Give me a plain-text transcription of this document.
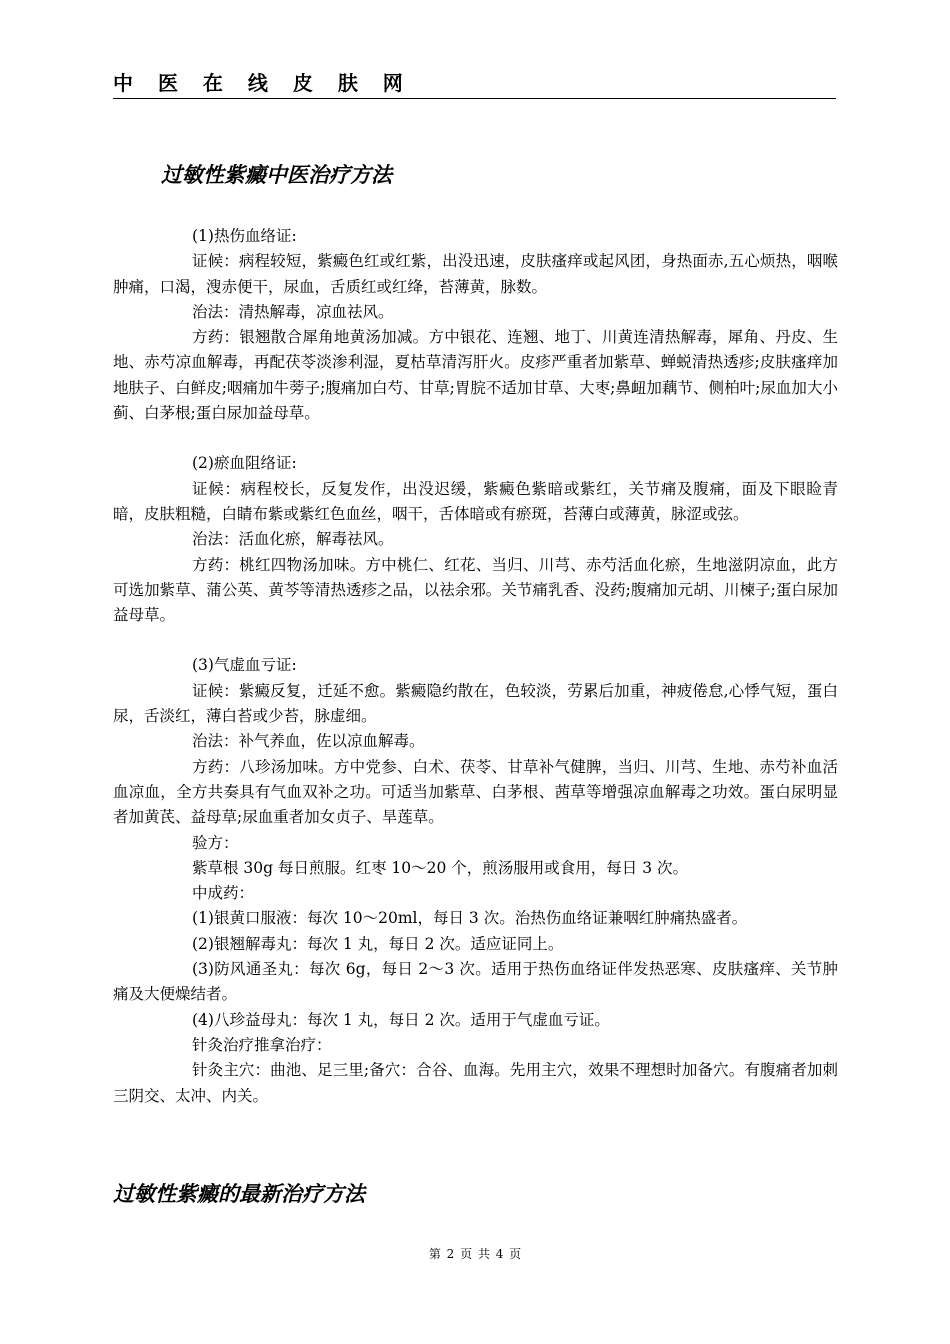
中 医 在 线 皮 肤 网
过敏性紫癜中医治疗方法

(1)热伤血络证:

证候：病程较短，紫癜色红或红紫，出没迅速，皮肤瘙痒或起风团，身热面赤,五心烦热，咽喉肿痛，口渴，溲赤便干，尿血，舌质红或红绛，苔薄黄，脉数。

治法：清热解毒，凉血祛风。

方药：银翘散合犀角地黄汤加减。方中银花、连翘、地丁、川黄连清热解毒，犀角、丹皮、生地、赤芍凉血解毒，再配茯苓淡渗利湿，夏枯草清泻肝火。皮疹严重者加紫草、蝉蜕清热透疹;皮肤瘙痒加地肤子、白鲜皮;咽痛加牛蒡子;腹痛加白芍、甘草;胃脘不适加甘草、大枣;鼻衄加藕节、侧柏叶;尿血加大小蓟、白茅根;蛋白尿加益母草。

(2)瘀血阻络证:

证候：病程校长，反复发作，出没迟缓，紫癜色紫暗或紫红，关节痛及腹痛，面及下眼睑青暗，皮肤粗糙，白睛布紫或紫红色血丝，咽干，舌体暗或有瘀斑，苔薄白或薄黄，脉涩或弦。

治法：活血化瘀，解毒祛风。

方药：桃红四物汤加味。方中桃仁、红花、当归、川芎、赤芍活血化瘀，生地滋阴凉血，此方可选加紫草、蒲公英、黄芩等清热透疹之品，以祛余邪。关节痛乳香、没药;腹痛加元胡、川楝子;蛋白尿加益母草。

(3)气虚血亏证:

证候：紫癜反复，迁延不愈。紫癜隐约散在，色较淡，劳累后加重，神疲倦怠,心悸气短，蛋白尿，舌淡红，薄白苔或少苔，脉虚细。

治法：补气养血，佐以凉血解毒。

方药：八珍汤加味。方中党参、白术、茯苓、甘草补气健脾，当归、川芎、生地、赤芍补血活血凉血，全方共奏具有气血双补之功。可适当加紫草、白茅根、茜草等增强凉血解毒之功效。蛋白尿明显者加黄芪、益母草;尿血重者加女贞子、旱莲草。

验方：

紫草根 30g 每日煎服。红枣 10～20 个，煎汤服用或食用，每日 3 次。

中成药：

(1)银黄口服液：每次 10～20ml，每日 3 次。治热伤血络证兼咽红肿痛热盛者。

(2)银翘解毒丸：每次 1 丸，每日 2 次。适应证同上。

(3)防风通圣丸：每次 6g，每日 2～3 次。适用于热伤血络证伴发热恶寒、皮肤瘙痒、关节肿痛及大便燥结者。

(4)八珍益母丸：每次 1 丸，每日 2 次。适用于气虚血亏证。

针灸治疗推拿治疗：

针灸主穴：曲池、足三里;备穴：合谷、血海。先用主穴，效果不理想时加备穴。有腹痛者加刺三阴交、太冲、内关。

过敏性紫癜的最新治疗方法
第 2 页 共 4 页
